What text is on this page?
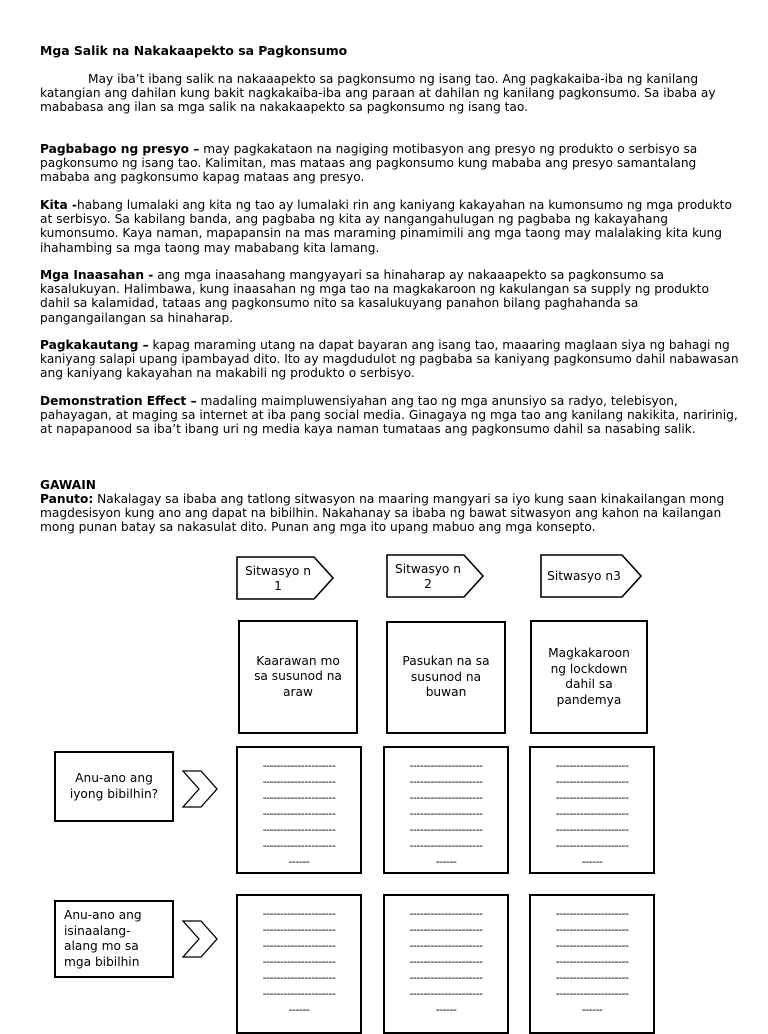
Mga Salik na Nakakaapekto sa Pagkonsumo

May iba’t ibang salik na nakaaapekto sa pagkonsumo ng isang tao. Ang pagkakaiba-iba ng kanilang katangian ang dahilan kung bakit nagkakaiba-iba ang paraan at dahilan ng kanilang pagkonsumo. Sa ibaba ay mababasa ang ilan sa mga salik na nakakaapekto sa pagkonsumo ng isang tao.

Pagbabago ng presyo – may pagkakataon na nagiging motibasyon ang presyo ng produkto o serbisyo sa pagkonsumo ng isang tao. Kalimitan, mas mataas ang pagkonsumo kung mababa ang presyo samantalang mababa ang pagkonsumo kapag mataas ang presyo.

Kita -habang lumalaki ang kita ng tao ay lumalaki rin ang kaniyang kakayahan na kumonsumo ng mga produkto at serbisyo. Sa kabilang banda, ang pagbaba ng kita ay nangangahulugan ng pagbaba ng kakayahang kumonsumo. Kaya naman, mapapansin na mas maraming pinamimili ang mga taong may malalaking kita kung ihahambing sa mga taong may mababang kita lamang.

Mga Inaasahan - ang mga inaasahang mangyayari sa hinaharap ay nakaaapekto sa pagkonsumo sa kasalukuyan. Halimbawa, kung inaasahan ng mga tao na magkakaroon ng kakulangan sa supply ng produkto dahil sa kalamidad, tataas ang pagkonsumo nito sa kasalukuyang panahon bilang paghahanda sa pangangailangan sa hinaharap.

Pagkakautang – kapag maraming utang na dapat bayaran ang isang tao, maaaring maglaan siya ng bahagi ng kaniyang salapi upang ipambayad dito. Ito ay magdudulot ng pagbaba sa kaniyang pagkonsumo dahil nabawasan ang kaniyang kakayahan na makabili ng produkto o serbisyo.

Demonstration Effect – madaling maimpluwensiyahan ang tao ng mga anunsiyo sa radyo, telebisyon, pahayagan, at maging sa internet at iba pang social media. Ginagaya ng mga tao ang kanilang nakikita, naririnig, at napapanood sa iba’t ibang uri ng media kaya naman tumataas ang pagkonsumo dahil sa nasabing salik.

GAWAIN

Panuto: Nakalagay sa ibaba ang tatlong sitwasyon na maaring mangyari sa iyo kung saan kinakailangan mong magdesisyon kung ano ang dapat na bibilhin. Nakahanay sa ibaba ng bawat sitwasyon ang kahon na kailangan mong punan batay sa nakasulat dito. Punan ang mga ito upang mabuo ang mga konsepto.

Sitwasyo n 1
Sitwasyo n 2
Sitwasyo n3
Kaarawan mo sa susunod na araw
Pasukan na sa susunod na buwan
Magkakaroon ng lockdown dahil sa pandemya
Anu-ano ang iyong bibilhin?
---------------------
---------------------
---------------------
---------------------
---------------------
---------------------
------
---------------------
---------------------
---------------------
---------------------
---------------------
---------------------
------
---------------------
---------------------
---------------------
---------------------
---------------------
---------------------
------
Anu-ano ang isinaalang-alang mo sa mga bibilhin
---------------------
---------------------
---------------------
---------------------
---------------------
---------------------
------
---------------------
---------------------
---------------------
---------------------
---------------------
---------------------
------
---------------------
---------------------
---------------------
---------------------
---------------------
---------------------
------
